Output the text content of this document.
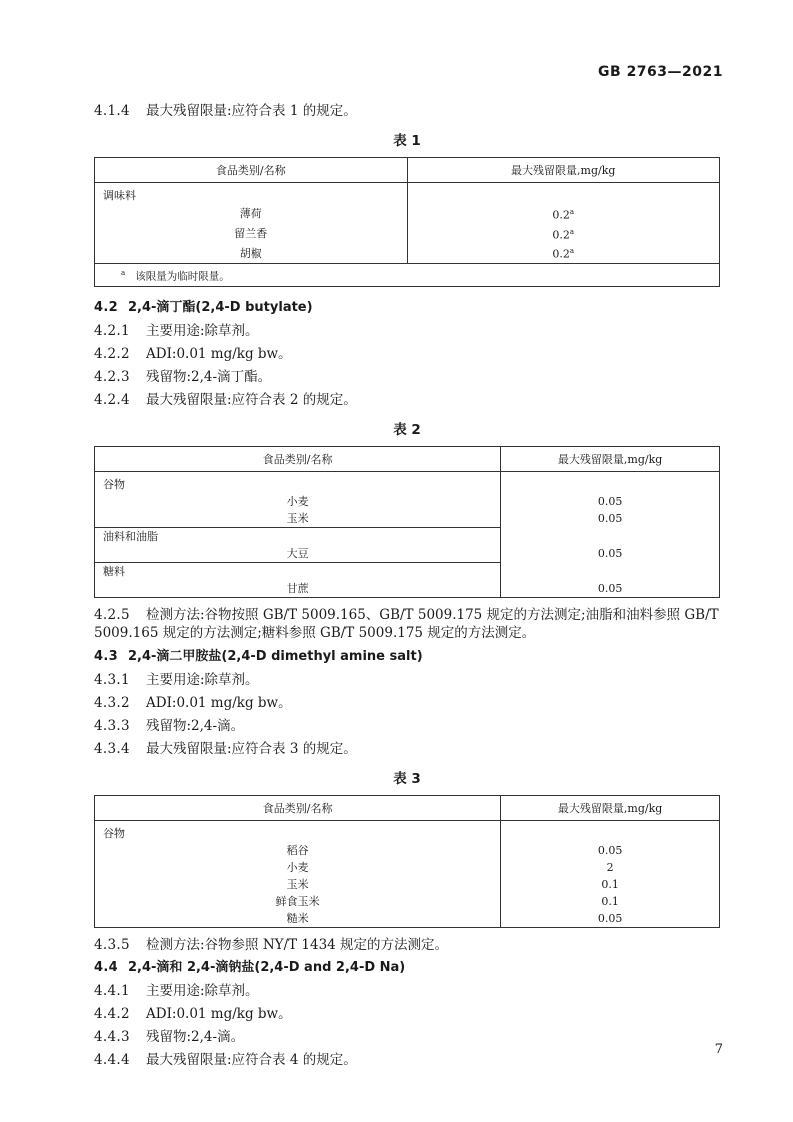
GB 2763—2021

4.1.4 最大残留限量:应符合表 1 的规定。

表 1
食品类别/名称	最大残留限量,mg/kg
调味料	
薄荷	0.2$^a$
留兰香	0.2$^a$
胡椒	0.2$^a$
$^a$ 该限量为临时限量。	

4.2 2,4-滴丁酯(2,4-D butylate)

4.2.1 主要用途:除草剂。

4.2.2 ADI:0.01 mg/kg bw。

4.2.3 残留物:2,4-滴丁酯。

4.2.4 最大残留限量:应符合表 2 的规定。

表 2
食品类别/名称	最大残留限量,mg/kg
谷物	
小麦	0.05
玉米	0.05
油料和油脂	
大豆	0.05
糖料	
甘蔗	0.05

4.2.5 检测方法:谷物按照 GB/T 5009.165、GB/T 5009.175 规定的方法测定;油脂和油料参照 GB/T 5009.165 规定的方法测定;糖料参照 GB/T 5009.175 规定的方法测定。

4.3 2,4-滴二甲胺盐(2,4-D dimethyl amine salt)

4.3.1 主要用途:除草剂。

4.3.2 ADI:0.01 mg/kg bw。

4.3.3 残留物:2,4-滴。

4.3.4 最大残留限量:应符合表 3 的规定。

表 3
食品类别/名称	最大残留限量,mg/kg
谷物	
稻谷	0.05
小麦	2
玉米	0.1
鲜食玉米	0.1
糙米	0.05

4.3.5 检测方法:谷物参照 NY/T 1434 规定的方法测定。

4.4 2,4-滴和 2,4-滴钠盐(2,4-D and 2,4-D Na)

4.4.1 主要用途:除草剂。

4.4.2 ADI:0.01 mg/kg bw。

4.4.3 残留物:2,4-滴。

4.4.4 最大残留限量:应符合表 4 的规定。

7
